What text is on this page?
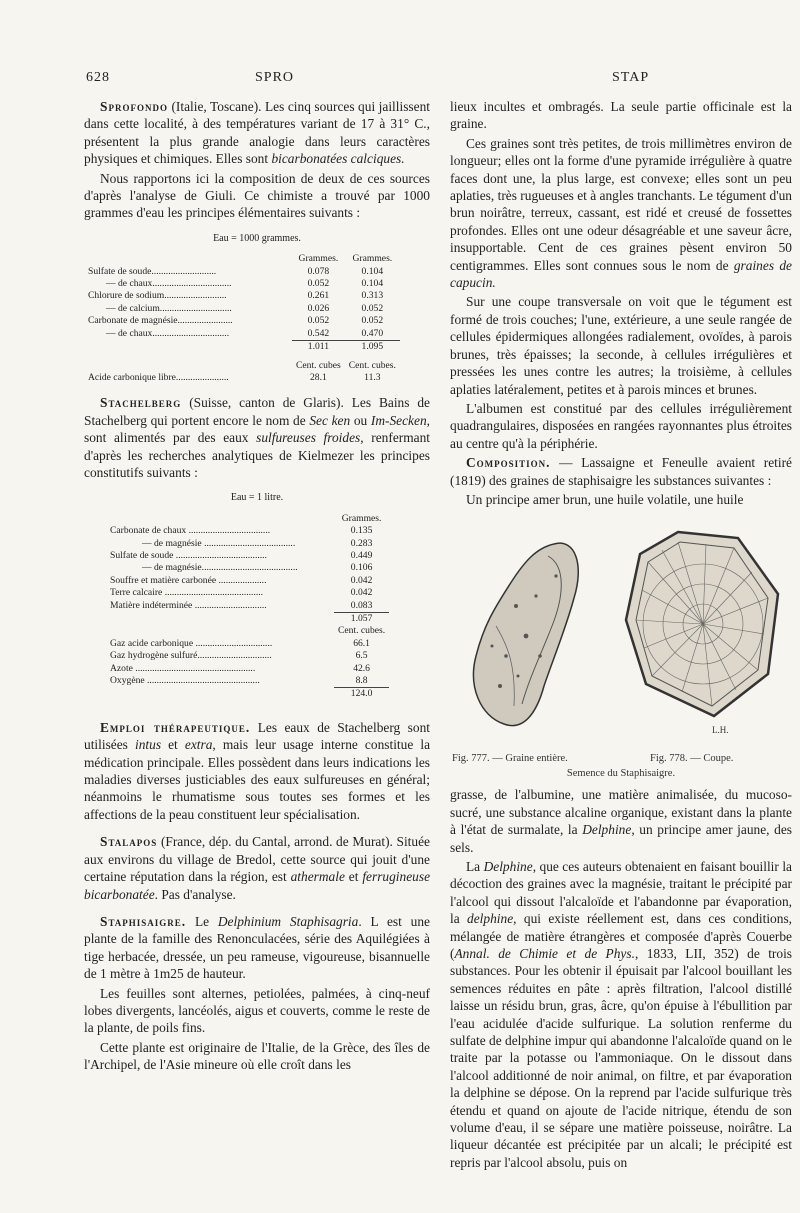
628	SPRO	STAP

Sprofondo (Italie, Toscane). Les cinq sources qui jaillissent dans cette localité, à des températures variant de 17 à 31° C., présentent la plus grande analogie dans leurs caractères physiques et chimiques. Elles sont bicarbonatées calciques.

Nous rapportons ici la composition de deux de ces sources d'après l'analyse de Giuli. Ce chimiste a trouvé par 1000 grammes d'eau les principes élémentaires suivants :

Eau = 1000 grammes.
	Grammes.	Grammes.
Sulfate de soude...........................	0.078	0.104
— de chaux.................................	0.052	0.104
Chlorure de sodium..........................	0.261	0.313
— de calcium..............................	0.026	0.052
Carbonate de magnésie.......................	0.052	0.052
— de chaux................................	0.542	0.470
	1.011	1.095
	Cent. cubes	Cent. cubes.
Acide carbonique libre......................	28.1	11.3

Stachelberg (Suisse, canton de Glaris). Les Bains de Stachelberg qui portent encore le nom de Sec ken ou Im-Secken, sont alimentés par des eaux sulfureuses froides, renfermant d'après les recherches analytiques de Kielmezer les principes constitutifs suivants :

Eau = 1 litre.
	Grammes.
Carbonate de chaux ..................................	0.135
— de magnésie ......................................	0.283
Sulfate de soude ......................................	0.449
— de magnésie........................................	0.106
Souffre et matière carbonée ....................	0.042
Terre calcaire .........................................	0.042
Matière indéterminée ..............................	0.083
	1.057
	Cent. cubes.
Gaz acide carbonique ................................	66.1
Gaz hydrogène sulfuré...............................	6.5
Azote ..................................................	42.6
Oxygène ...............................................	8.8
	124.0

Emploi thérapeutique. Les eaux de Stachelberg sont utilisées intus et extra, mais leur usage interne constitue la médication principale. Elles possèdent dans leurs indications les maladies diverses justiciables des eaux sulfureuses en général; néanmoins le rhumatisme sous toutes ses formes et les affections de la peau constituent leur spécialisation.

Stalapos (France, dép. du Cantal, arrond. de Murat). Située aux environs du village de Bredol, cette source qui jouit d'une certaine réputation dans la région, est athermale et ferrugineuse bicarbonatée. Pas d'analyse.

Staphisaigre. Le Delphinium Staphisagria. L est une plante de la famille des Renonculacées, série des Aquilégiées à tige herbacée, dressée, un peu rameuse, vigoureuse, bisannuelle de 1 mètre à 1m25 de hauteur.

Les feuilles sont alternes, petiolées, palmées, à cinq-neuf lobes divergents, lancéolés, aigus et couverts, comme le reste de la plante, de poils fins.

Cette plante est originaire de l'Italie, de la Grèce, des îles de l'Archipel, de l'Asie mineure où elle croît dans les

lieux incultes et ombragés. La seule partie officinale est la graine.

Ces graines sont très petites, de trois millimètres environ de longueur; elles ont la forme d'une pyramide irrégulière à quatre faces dont une, la plus large, est convexe; elles sont un peu aplaties, très rugueuses et à angles tranchants. Le tégument d'un brun noirâtre, terreux, cassant, est ridé et creusé de fossettes profondes. Elles ont une odeur désagréable et une saveur âcre, insupportable. Cent de ces graines pèsent environ 50 centigrammes. Elles sont connues sous le nom de graines de capucin.

Sur une coupe transversale on voit que le tégument est formé de trois couches; l'une, extérieure, a une seule rangée de cellules épidermiques allongées radialement, ovoïdes, à parois brunes, très épaisses; la seconde, à cellules irrégulières et pressées les unes contre les autres; la troisième, à cellules aplaties latéralement, petites et à parois minces et brunes.

L'albumen est constitué par des cellules irrégulièrement quadrangulaires, disposées en rangées rayonnantes plus étroites au centre qu'à la périphérie.

Composition. — Lassaigne et Feneulle avaient retiré (1819) des graines de staphisaigre les substances suivantes :

Un principe amer brun, une huile volatile, une huile

L.H.
Fig. 777. — Graine entière.	Fig. 778. — Coupe.
Semence du Staphisaigre.

grasse, de l'albumine, une matière animalisée, du mucoso-sucré, une substance alcaline organique, existant dans la plante à l'état de surmalate, la Delphine, un principe amer jaune, des sels.

La Delphine, que ces auteurs obtenaient en faisant bouillir la décoction des graines avec la magnésie, traitant le précipité par l'alcool qui dissout l'alcaloïde et l'abandonne par évaporation, la delphine, qui existe réellement est, dans ces conditions, mélangée de matière étrangères et composée d'après Couerbe (Annal. de Chimie et de Phys., 1833, LII, 352) de trois substances. Pour les obtenir il épuisait par l'alcool bouillant les semences réduites en pâte : après filtration, l'alcool distillé laisse un résidu brun, gras, âcre, qu'on épuise à l'ébullition par l'eau acidulée d'acide sulfurique. La solution renferme du sulfate de delphine impur qui abandonne l'alcaloïde quand on le traite par la potasse ou l'ammoniaque. On le dissout dans l'alcool additionné de noir animal, on filtre, et par évaporation la delphine se dépose. On la reprend par l'acide sulfurique très étendu et quand on ajoute de l'acide nitrique, étendu de son volume d'eau, il se sépare une matière poisseuse, noirâtre. La liqueur décantée est précipitée par un alcali; le précipité est repris par l'alcool absolu, puis on
